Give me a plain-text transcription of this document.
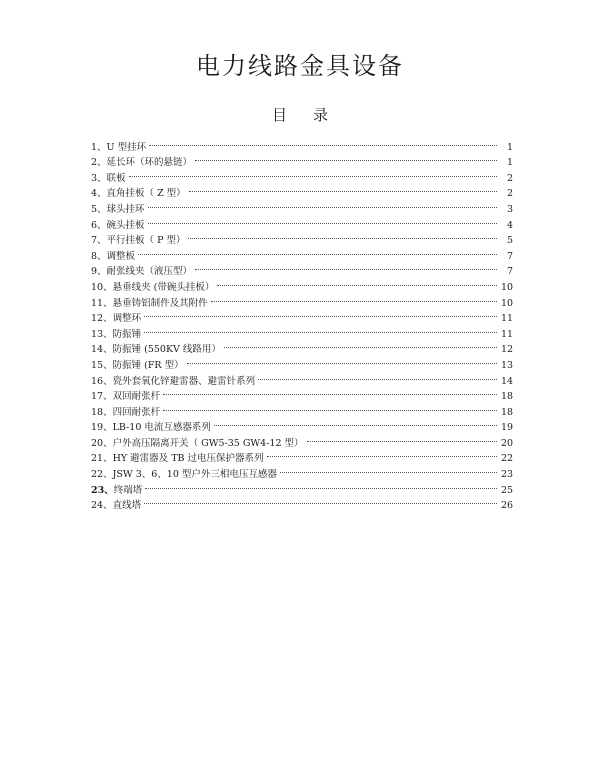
电力线路金具设备
目 录
1、 U 型挂环	1
2、 延长环（环的悬链）	1
3、 联板	2
4、 直角挂板（ Z 型）	2
5、 球头挂环	3
6、 碗头挂板	4
7、 平行挂板（ P 型）	5
8、 调整板	7
9、 耐张线夹（液压型）	7
10、 悬垂线夹 (带碗头挂板）	10
11、 悬垂铸铝制件及其附件	10
12、 调整环	11
13、 防振锤	11
14、 防振锤 (550KV 线路用）	12
15、 防振锤 (FR 型）	13
16、 瓷外套氧化锌避雷器、避雷针系列	14
17、 双回耐张杆	18
18、 四回耐张杆	18
19、 LB-10 电流互感器系列	19
20、 户外高压隔离开关（ GW5-35 GW4-12 型）	20
21、 HY 避雷器及 TB 过电压保护器系列	22
22、 JSW 3、6、10 型户外三相电压互感器	23
23、 终端塔	25
24、 直线塔	26
